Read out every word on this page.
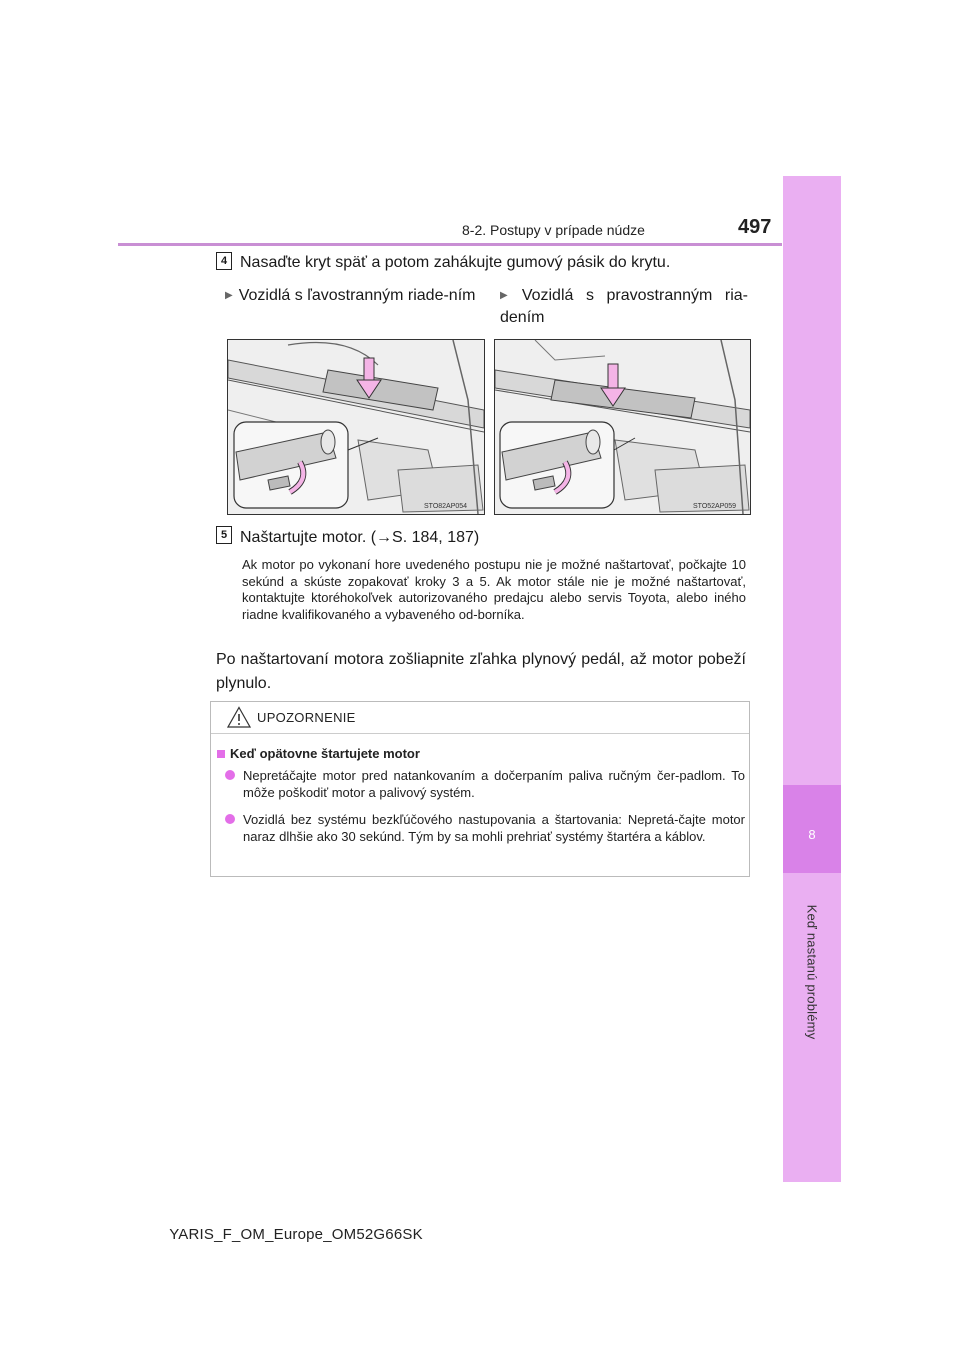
8-2. Postupy v prípade núdze	497
8
Keď nastanú problémy
4 Nasaďte kryt späť a potom zahákujte gumový pásik do krytu.
▶ Vozidlá s ľavostranným riade-ním	▶ Vozidlá s pravostranným ria-dením
STO82AP054	STO52AP059
5 Naštartujte motor. (→S. 184, 187)
Ak motor po vykonaní hore uvedeného postupu nie je možné naštartovať, počkajte 10 sekúnd a skúste zopakovať kroky 3 a 5. Ak motor stále nie je možné naštartovať, kontaktujte ktoréhokoľvek autorizovaného predajcu alebo servis Toyota, alebo iného riadne kvalifikovaného a vybaveného od-borníka.
Po naštartovaní motora zošliapnite zľahka plynový pedál, až motor pobeží plynulo.
UPOZORNENIE
Keď opätovne štartujete motor
Nepretáčajte motor pred natankovaním a dočerpaním paliva ručným čer-padlom. To môže poškodiť motor a palivový systém.
Vozidlá bez systému bezkľúčového nastupovania a štartovania: Nepretá-čajte motor naraz dlhšie ako 30 sekúnd. Tým by sa mohli prehriať systémy štartéra a káblov.
YARIS_F_OM_Europe_OM52G66SK
